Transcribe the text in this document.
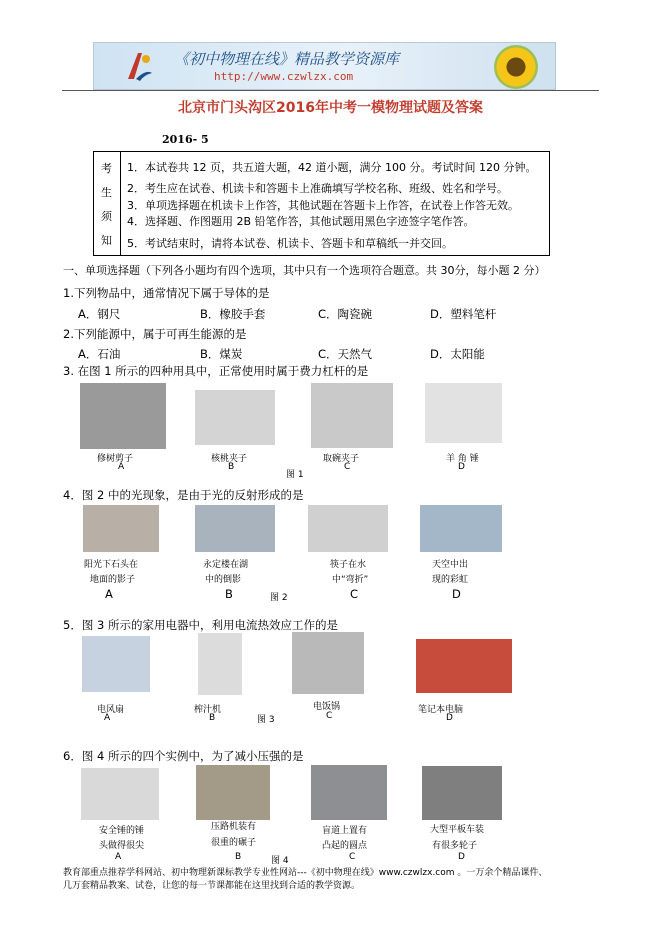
《初中物理在线》精品教学资源库
http://www.czwlzx.com
北京市门头沟区2016年中考一模物理试题及答案
2016- 5
考
生
须
知
1．本试卷共 12 页，共五道大题，42 道小题，满分 100 分。考试时间 120 分钟。
2．考生应在试卷、机读卡和答题卡上准确填写学校名称、班级、姓名和学号。
3．单项选择题在机读卡上作答，其他试题在答题卡上作答，在试卷上作答无效。
4．选择题、作图题用 2B 铅笔作答，其他试题用黑色字迹签字笔作答。
5．考试结束时，请将本试卷、机读卡、答题卡和草稿纸一并交回。
一、单项选择题（下列各小题均有四个选项，其中只有一个选项符合题意。共 30分，每小题 2 分）
1.下列物品中，通常情况下属于导体的是
A．钢尺	B．橡胶手套	C．陶瓷碗	D．塑料笔杆
2.下列能源中，属于可再生能源的是
A．石油	B．煤炭	C．天然气	D．太阳能
3. 在图 1 所示的四种用具中，正常使用时属于费力杠杆的是
修树剪子	核桃夹子	取碗夹子	羊 角 锤
A	B
图 1
C	D
4．图 2 中的光现象，是由于光的反射形成的是
阳光下石头在	永定楼在湖	筷子在水	天空中出
地面的影子	中的倒影	中“弯折”	现的彩虹
A	B	图 2	C	D
5．图 3 所示的家用电器中，利用电流热效应工作的是
电风扇	榨汁机	电饭锅	笔记本电脑
A	B	图 3	C	D
6．图 4 所示的四个实例中，为了减小压强的是
安全锤的锤	压路机装有	盲道上置有	大型平板车装
头做得很尖	很重的碾子	凸起的圆点	有很多轮子
A	B	图 4	C	D
教育部重点推荐学科网站、初中物理新课标教学专业性网站---《初中物理在线》www.czwlzx.com 。一万余个精品课件、
几万套精品教案、试卷，让您的每一节课都能在这里找到合适的教学资源。
